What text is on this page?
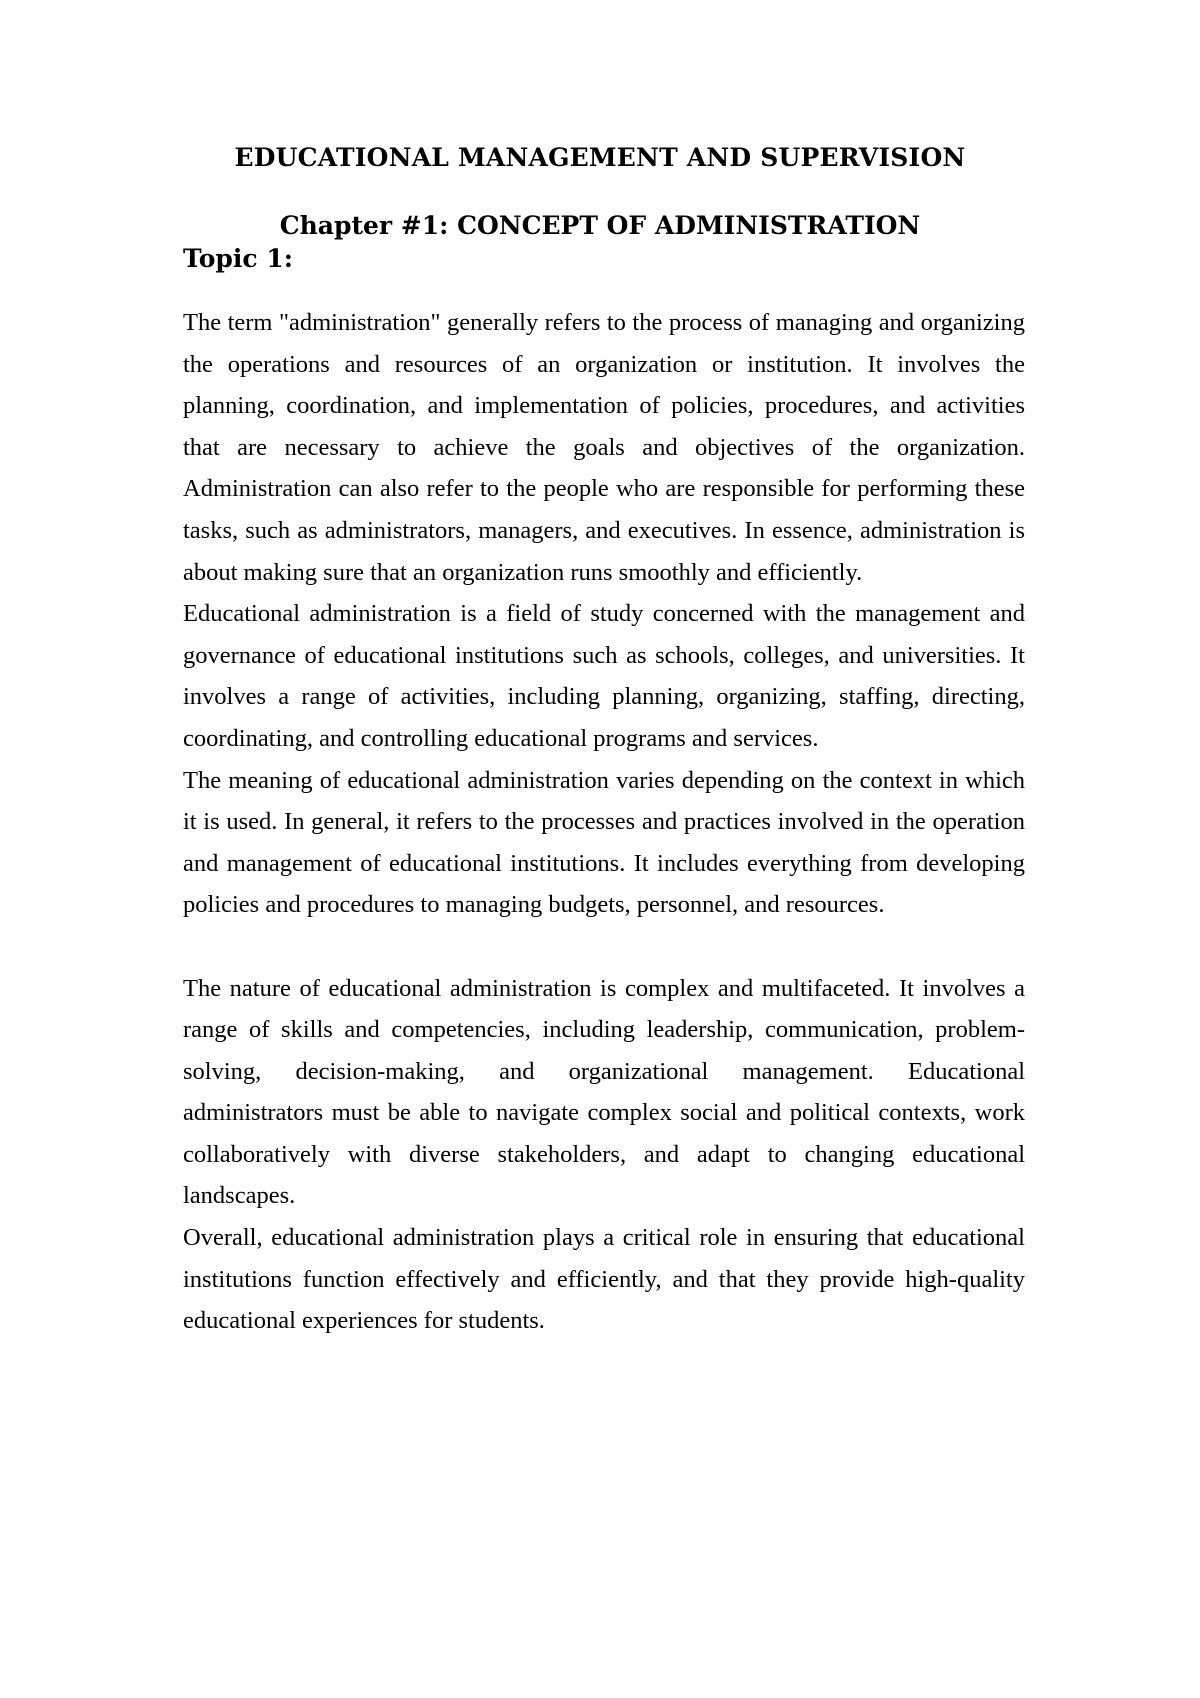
EDUCATIONAL MANAGEMENT AND SUPERVISION
Chapter #1: CONCEPT OF ADMINISTRATION
Topic 1:

The term "administration" generally refers to the process of managing and organizing the operations and resources of an organization or institution. It involves the planning, coordination, and implementation of policies, procedures, and activities that are necessary to achieve the goals and objectives of the organization. Administration can also refer to the people who are responsible for performing these tasks, such as administrators, managers, and executives. In essence, administration is about making sure that an organization runs smoothly and efficiently.

Educational administration is a field of study concerned with the management and governance of educational institutions such as schools, colleges, and universities. It involves a range of activities, including planning, organizing, staffing, directing, coordinating, and controlling educational programs and services.

The meaning of educational administration varies depending on the context in which it is used. In general, it refers to the processes and practices involved in the operation and management of educational institutions. It includes everything from developing policies and procedures to managing budgets, personnel, and resources.

The nature of educational administration is complex and multifaceted. It involves a range of skills and competencies, including leadership, communication, problem-solving, decision-making, and organizational management. Educational administrators must be able to navigate complex social and political contexts, work collaboratively with diverse stakeholders, and adapt to changing educational landscapes.

Overall, educational administration plays a critical role in ensuring that educational institutions function effectively and efficiently, and that they provide high-quality educational experiences for students.
